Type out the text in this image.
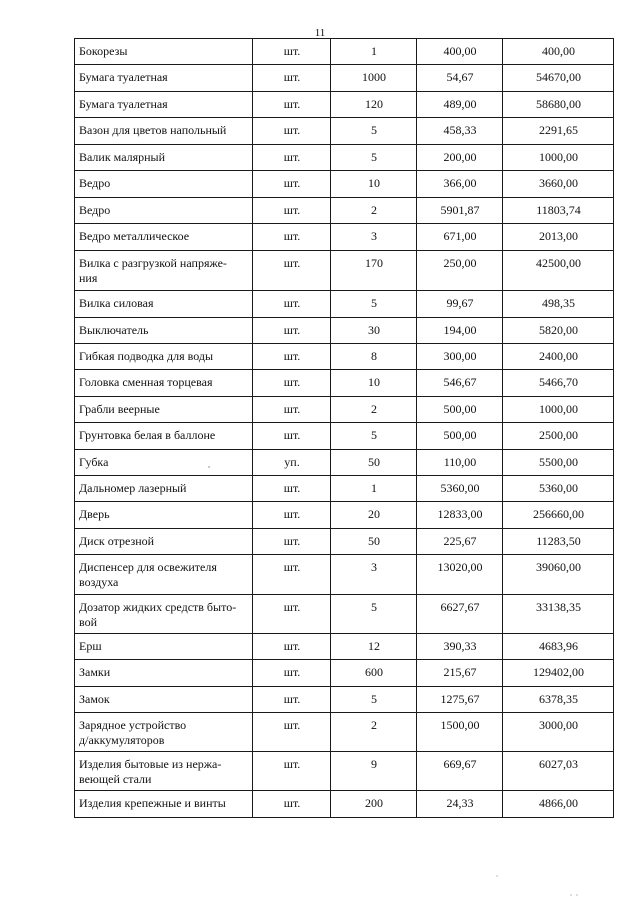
11
Бокорезы	шт.	1	400,00	400,00
Бумага туалетная	шт.	1000	54,67	54670,00
Бумага туалетная	шт.	120	489,00	58680,00
Вазон для цветов напольный	шт.	5	458,33	2291,65
Валик малярный	шт.	5	200,00	1000,00
Ведро	шт.	10	366,00	3660,00
Ведро	шт.	2	5901,87	11803,74
Ведро металлическое	шт.	3	671,00	2013,00
Вилка с разгрузкой напряже-
ния	шт.	170	250,00	42500,00
Вилка силовая	шт.	5	99,67	498,35
Выключатель	шт.	30	194,00	5820,00
Гибкая подводка для воды	шт.	8	300,00	2400,00
Головка сменная торцевая	шт.	10	546,67	5466,70
Грабли веерные	шт.	2	500,00	1000,00
Грунтовка белая в баллоне	шт.	5	500,00	2500,00
Губка	уп.	50	110,00	5500,00
Дальномер лазерный	шт.	1	5360,00	5360,00
Дверь	шт.	20	12833,00	256660,00
Диск отрезной	шт.	50	225,67	11283,50
Диспенсер для освежителя
воздуха	шт.	3	13020,00	39060,00
Дозатор жидких средств быто-
вой	шт.	5	6627,67	33138,35
Ерш	шт.	12	390,33	4683,96
Замки	шт.	600	215,67	129402,00
Замок	шт.	5	1275,67	6378,35
Зарядное устройство
д/аккумуляторов	шт.	2	1500,00	3000,00
Изделия бытовые из нержа-
веющей стали	шт.	9	669,67	6027,03
Изделия крепежные и винты	шт.	200	24,33	4866,00
